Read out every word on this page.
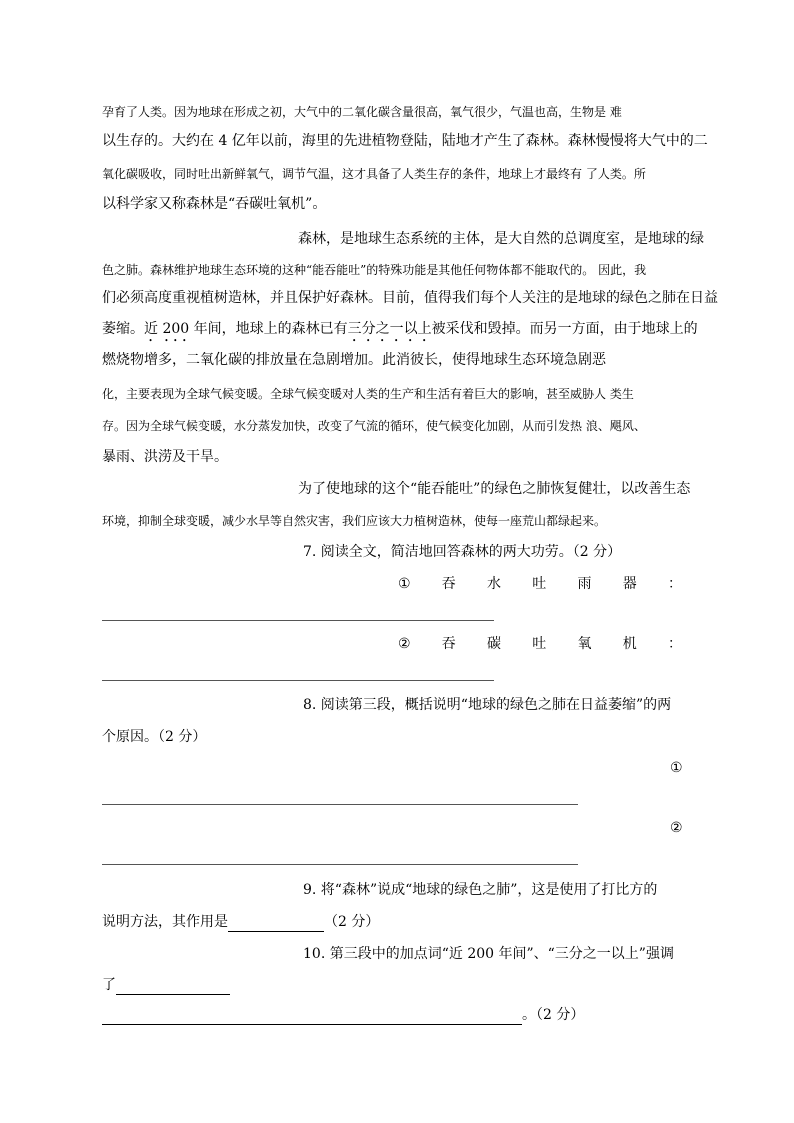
孕育了人类。因为地球在形成之初，大气中的二氧化碳含量很高，氧气很少，气温也高，生物是 难
以生存的。大约在 4 亿年以前，海里的先进植物登陆，陆地才产生了森林。森林慢慢将大气中的二
氧化碳吸收，同时吐出新鲜氧气，调节气温，这才具备了人类生存的条件，地球上才最终有 了人类。所
以科学家又称森林是“吞碳吐氧机”。
森林，是地球生态系统的主体，是大自然的总调度室，是地球的绿
色之肺。森林维护地球生态环境的这种“能吞能吐”的特殊功能是其他任何物体都不能取代的。 因此，我
们必须高度重视植树造林，并且保护好森林。目前，值得我们每个人关注的是地球的绿色之肺在日益
萎缩。近 200 年间，地球上的森林已有三分之一以上被采伐和毁掉。而另一方面，由于地球上的
燃烧物增多，二氧化碳的排放量在急剧增加。此消彼长，使得地球生态环境急剧恶
化，主要表现为全球气候变暖。全球气候变暖对人类的生产和生活有着巨大的影响，甚至威胁人 类生
存。因为全球气候变暖，水分蒸发加快，改变了气流的循环，使气候变化加剧，从而引发热 浪、飓风、
暴雨、洪涝及干旱。
为了使地球的这个“能吞能吐”的绿色之肺恢复健壮，以改善生态
环境，抑制全球变暖，减少水旱等自然灾害，我们应该大力植树造林，使每一座荒山都绿起来。
7. 阅读全文，简洁地回答森林的两大功劳。（2 分）
① 吞 水 吐 雨 器 ：
② 吞 碳 吐 氧 机 ：
8. 阅读第三段，概括说明“地球的绿色之肺在日益萎缩”的两
个原因。（2 分）
①
②
9. 将“森林”说成“地球的绿色之肺”，这是使用了打比方的
说明方法，其作用是	（2 分）
10. 第三段中的加点词“近 200 年间”、“三分之一以上”强调
了
。（2 分）
